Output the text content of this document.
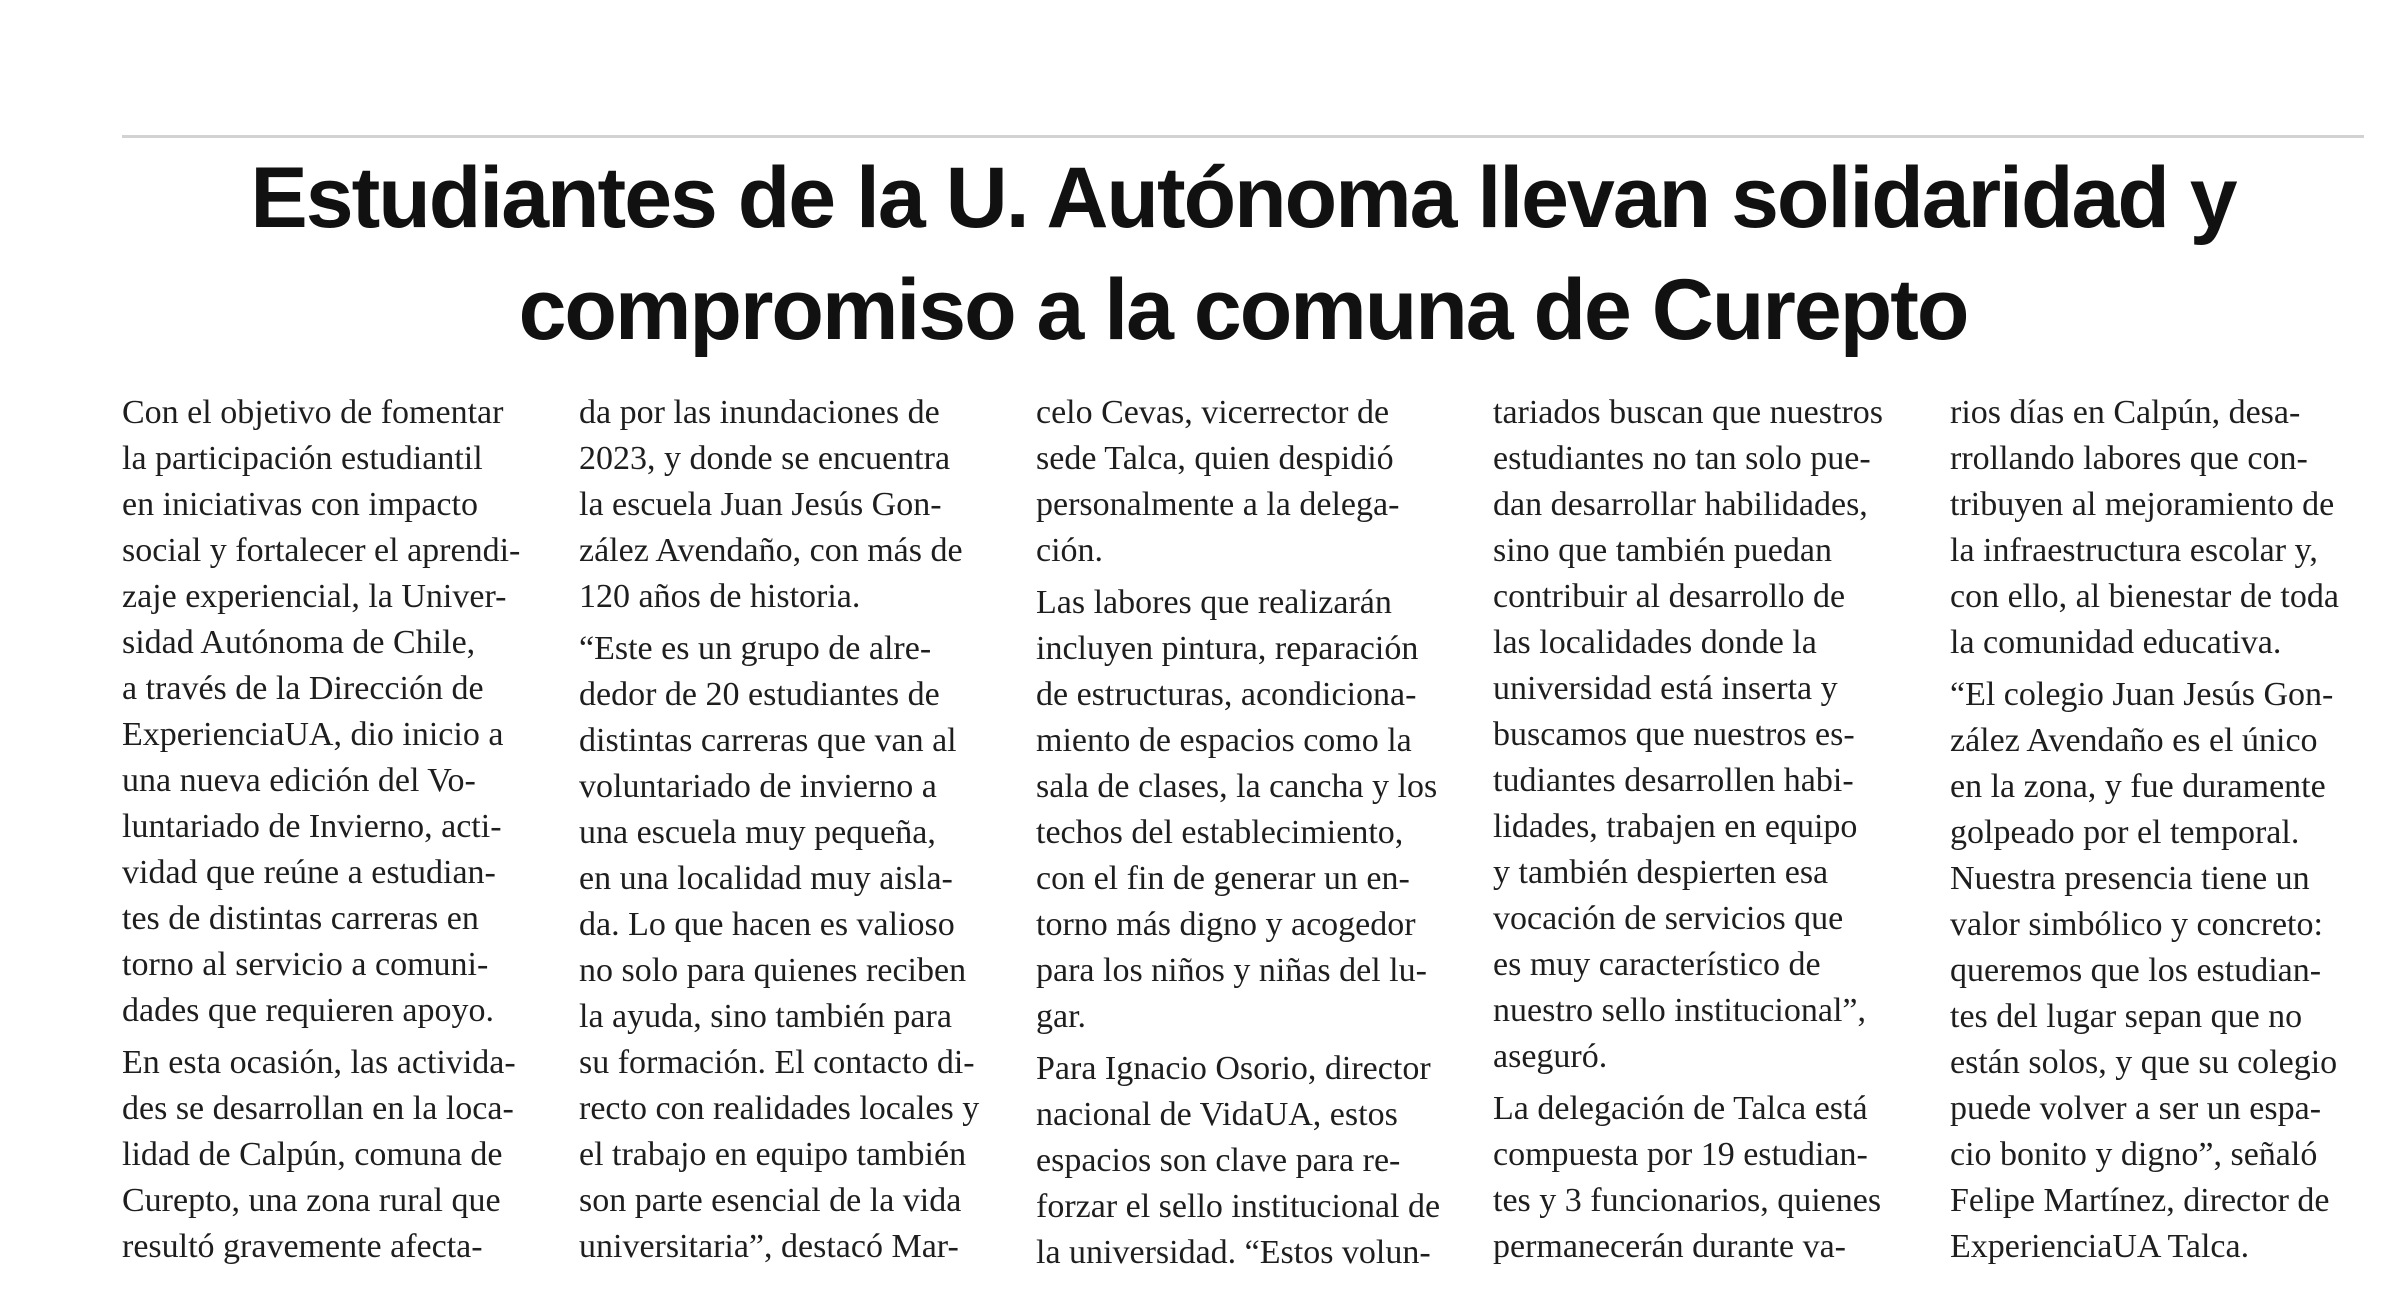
Estudiantes de la U. Autónoma llevan solidaridad y
compromiso a la comuna de Curepto
Con el objetivo de fomentar
la participación estudiantil
en iniciativas con impacto
social y fortalecer el aprendi-
zaje experiencial, la Univer-
sidad Autónoma de Chile,
a través de la Dirección de
ExperienciaUA, dio inicio a
una nueva edición del Vo-
luntariado de Invierno, acti-
vidad que reúne a estudian-
tes de distintas carreras en
torno al servicio a comuni-
dades que requieren apoyo.
En esta ocasión, las activida-
des se desarrollan en la loca-
lidad de Calpún, comuna de
Curepto, una zona rural que
resultó gravemente afecta-
da por las inundaciones de
2023, y donde se encuentra
la escuela Juan Jesús Gon-
zález Avendaño, con más de
120 años de historia.
“Este es un grupo de alre-
dedor de 20 estudiantes de
distintas carreras que van al
voluntariado de invierno a
una escuela muy pequeña,
en una localidad muy aisla-
da. Lo que hacen es valioso
no solo para quienes reciben
la ayuda, sino también para
su formación. El contacto di-
recto con realidades locales y
el trabajo en equipo también
son parte esencial de la vida
universitaria”, destacó Mar-
celo Cevas, vicerrector de
sede Talca, quien despidió
personalmente a la delega-
ción.
Las labores que realizarán
incluyen pintura, reparación
de estructuras, acondiciona-
miento de espacios como la
sala de clases, la cancha y los
techos del establecimiento,
con el fin de generar un en-
torno más digno y acogedor
para los niños y niñas del lu-
gar.
Para Ignacio Osorio, director
nacional de VidaUA, estos
espacios son clave para re-
forzar el sello institucional de
la universidad. “Estos volun-
tariados buscan que nuestros
estudiantes no tan solo pue-
dan desarrollar habilidades,
sino que también puedan
contribuir al desarrollo de
las localidades donde la
universidad está inserta y
buscamos que nuestros es-
tudiantes desarrollen habi-
lidades, trabajen en equipo
y también despierten esa
vocación de servicios que
es muy característico de
nuestro sello institucional”,
aseguró.
La delegación de Talca está
compuesta por 19 estudian-
tes y 3 funcionarios, quienes
permanecerán durante va-
rios días en Calpún, desa-
rrollando labores que con-
tribuyen al mejoramiento de
la infraestructura escolar y,
con ello, al bienestar de toda
la comunidad educativa.
“El colegio Juan Jesús Gon-
zález Avendaño es el único
en la zona, y fue duramente
golpeado por el temporal.
Nuestra presencia tiene un
valor simbólico y concreto:
queremos que los estudian-
tes del lugar sepan que no
están solos, y que su colegio
puede volver a ser un espa-
cio bonito y digno”, señaló
Felipe Martínez, director de
ExperienciaUA Talca.
